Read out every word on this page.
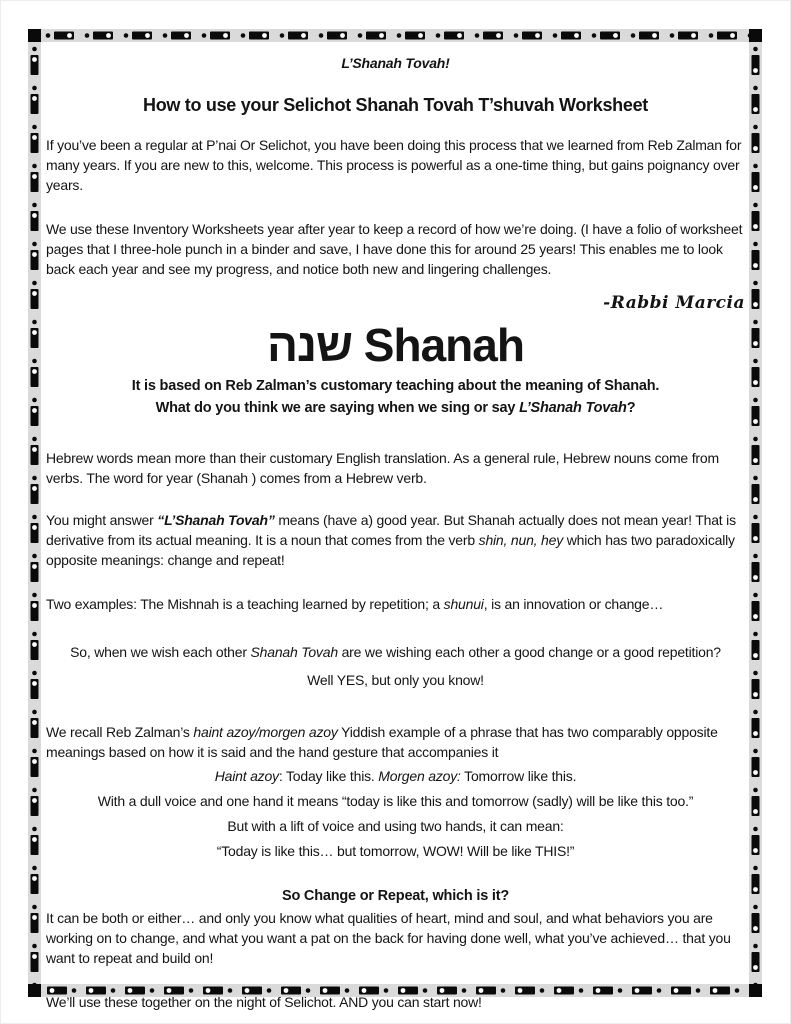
L’Shanah Tovah!

How to use your Selichot Shanah Tovah T’shuvah Worksheet

If you’ve been a regular at P’nai Or Selichot, you have been doing this process that we learned from Reb Zalman for many years. If you are new to this, welcome. This process is powerful as a one-time thing, but gains poignancy over years.

We use these Inventory Worksheets year after year to keep a record of how we’re doing. (I have a folio of worksheet pages that I three-hole punch in a binder and save, I have done this for around 25 years! This enables me to look back each year and see my progress, and notice both new and lingering challenges.

-Rabbi Marcia

שנה Shanah

It is based on Reb Zalman’s customary teaching about the meaning of Shanah.

What do you think we are saying when we sing or say L’Shanah Tovah?

Hebrew words mean more than their customary English translation. As a general rule, Hebrew nouns come from verbs. The word for year (Shanah ) comes from a Hebrew verb.

You might answer “L’Shanah Tovah” means (have a) good year. But Shanah actually does not mean year! That is derivative from its actual meaning. It is a noun that comes from the verb shin, nun, hey which has two paradoxically opposite meanings: change and repeat!

Two examples: The Mishnah is a teaching learned by repetition; a shunui, is an innovation or change…

So, when we wish each other Shanah Tovah are we wishing each other a good change or a good repetition?

Well YES, but only you know!

We recall Reb Zalman’s haint azoy/morgen azoy Yiddish example of a phrase that has two comparably opposite meanings based on how it is said and the hand gesture that accompanies it

Haint azoy: Today like this. Morgen azoy: Tomorrow like this.

With a dull voice and one hand it means “today is like this and tomorrow (sadly) will be like this too.”

But with a lift of voice and using two hands, it can mean:

“Today is like this… but tomorrow, WOW! Will be like THIS!”

So Change or Repeat, which is it?

It can be both or either… and only you know what qualities of heart, mind and soul, and what behaviors you are working on to change, and what you want a pat on the back for having done well, what you’ve achieved… that you want to repeat and build on!

We’ll use these together on the night of Selichot. AND you can start now!
